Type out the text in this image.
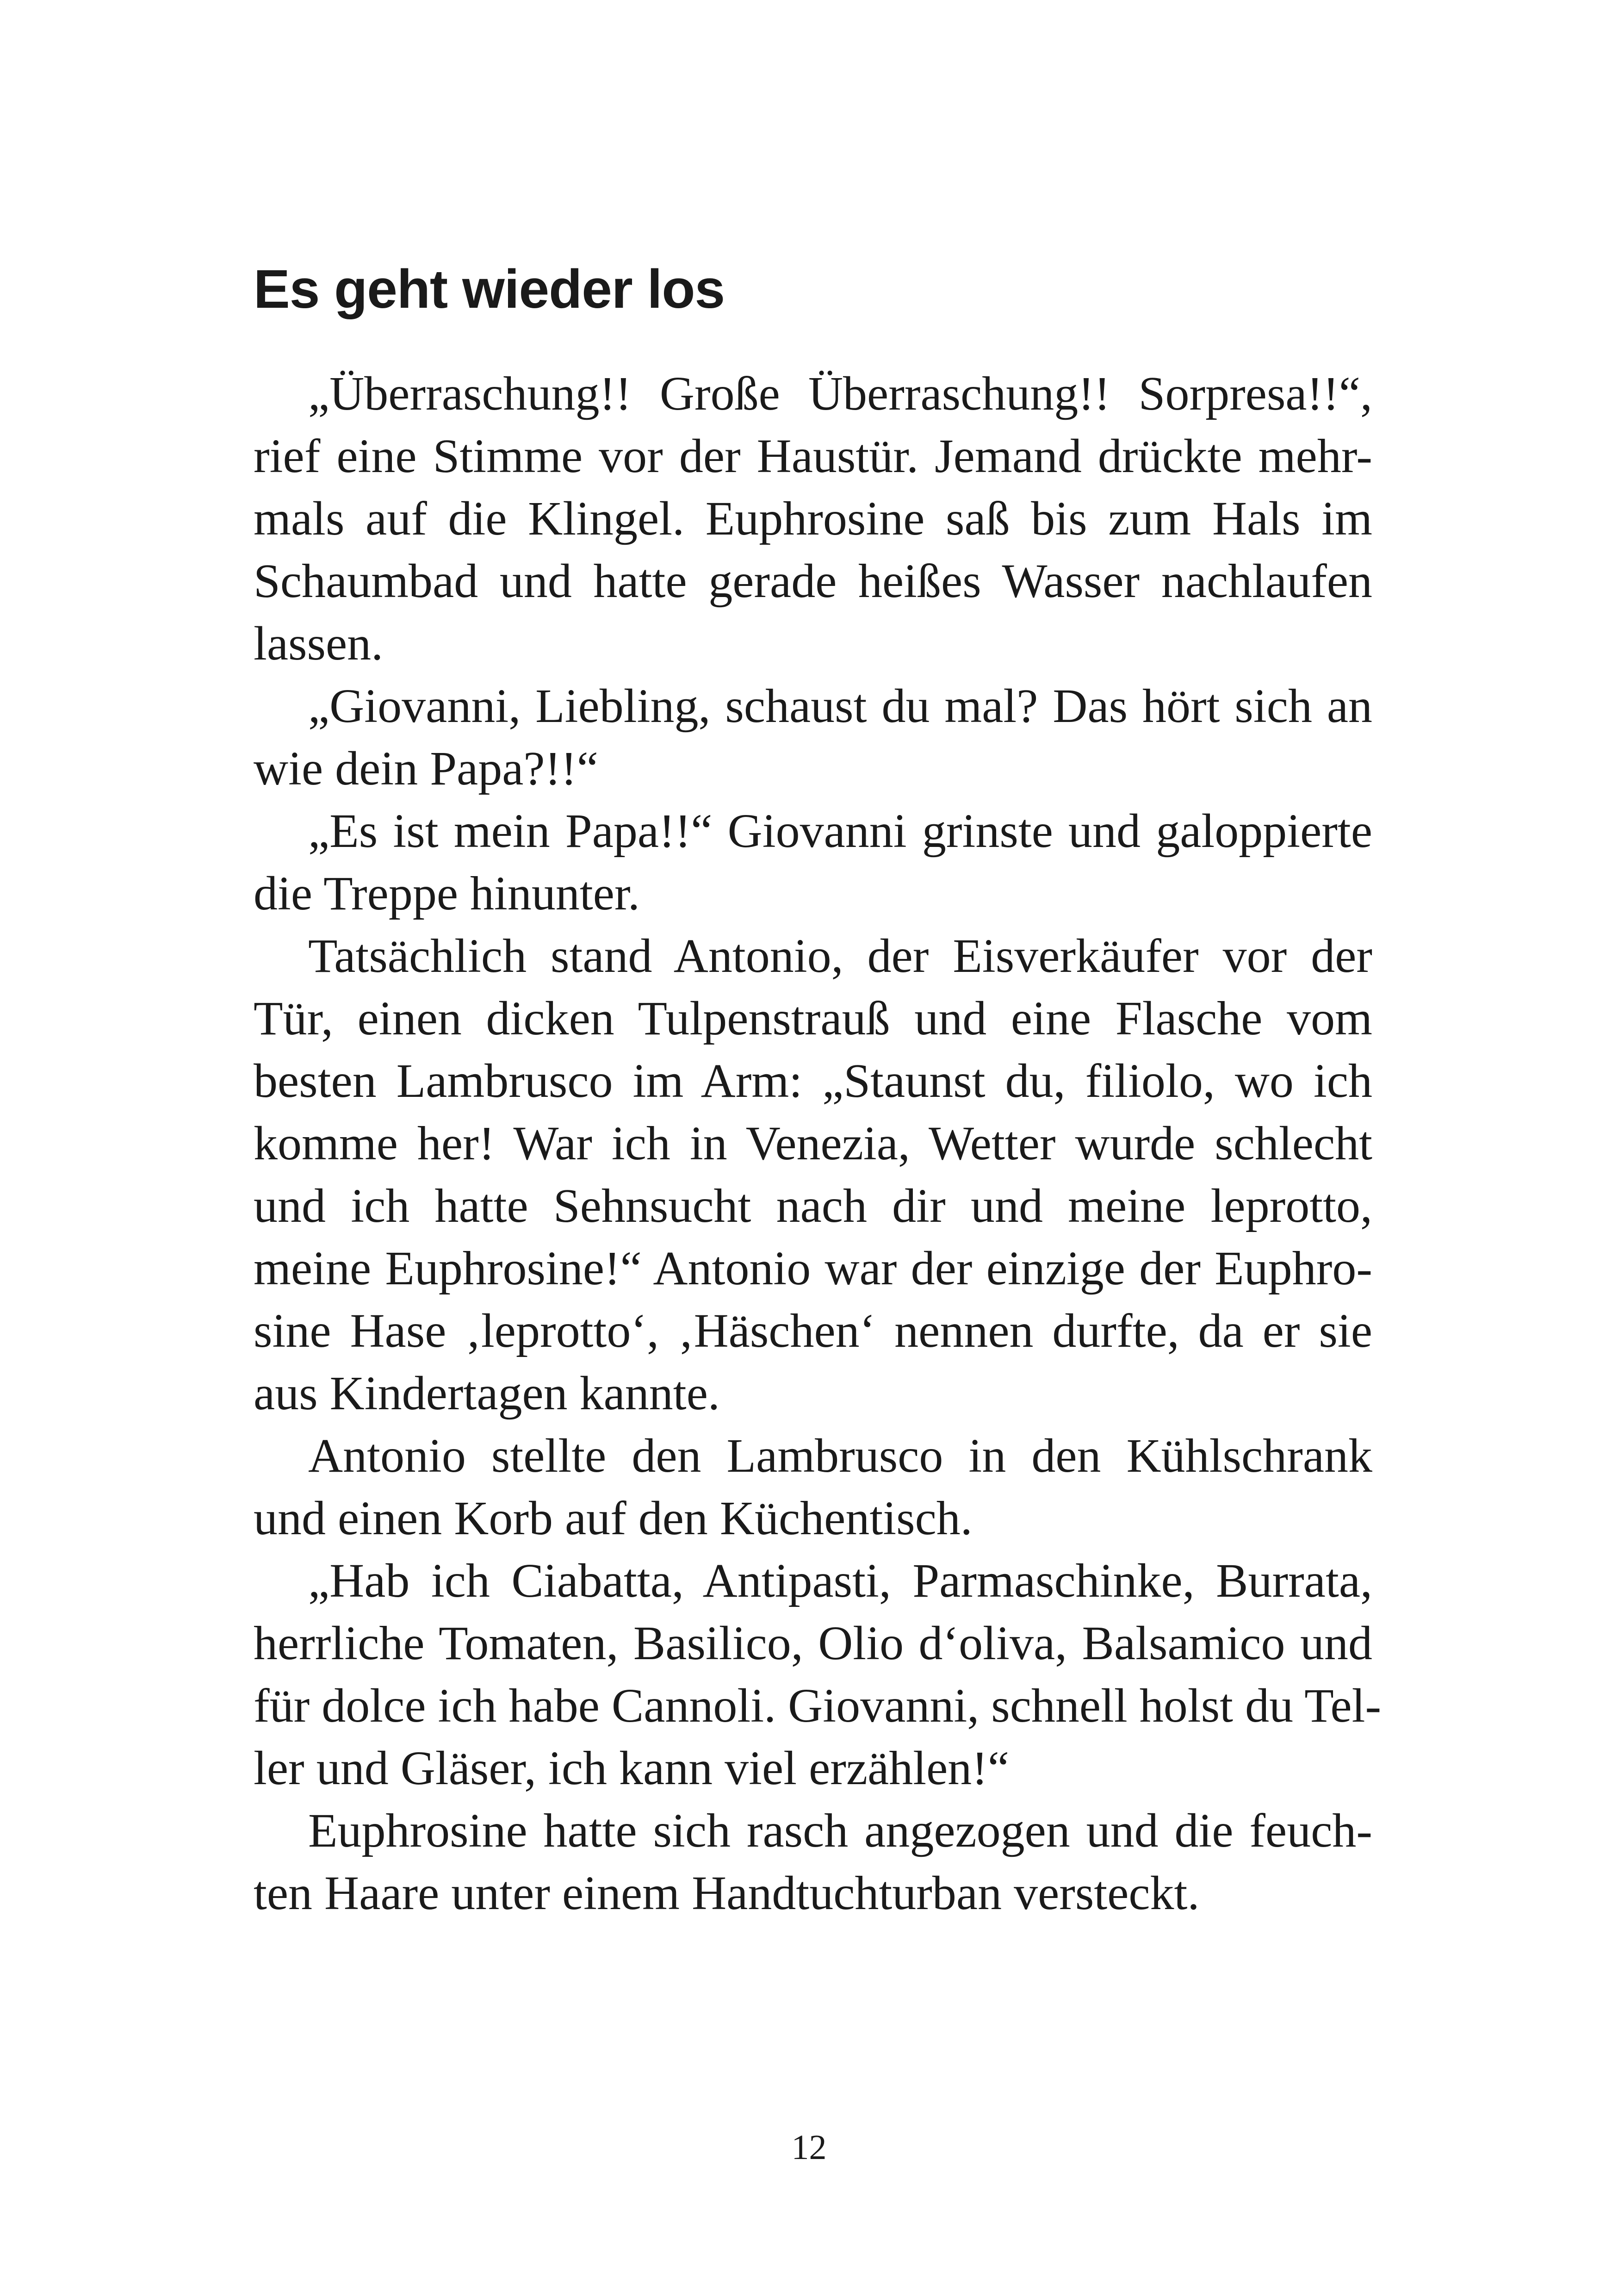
Es geht wieder los
„Überraschung!! Große Überraschung!! Sorpresa!!“,
rief eine Stimme vor der Haustür. Jemand drückte mehr-
mals auf die Klingel. Euphrosine saß bis zum Hals im
Schaumbad und hatte gerade heißes Wasser nachlaufen
lassen.
„Giovanni, Liebling, schaust du mal? Das hört sich an
wie dein Papa?!!“
„Es ist mein Papa!!“ Giovanni grinste und galoppierte
die Treppe hinunter.
Tatsächlich stand Antonio, der Eisverkäufer vor der
Tür, einen dicken Tulpenstrauß und eine Flasche vom
besten Lambrusco im Arm: „Staunst du, filiolo, wo ich
komme her! War ich in Venezia, Wetter wurde schlecht
und ich hatte Sehnsucht nach dir und meine leprotto,
meine Euphrosine!“ Antonio war der einzige der Euphro-
sine Hase ‚leprotto‘, ‚Häschen‘ nennen durfte, da er sie
aus Kindertagen kannte.
Antonio stellte den Lambrusco in den Kühlschrank
und einen Korb auf den Küchentisch.
„Hab ich Ciabatta, Antipasti, Parmaschinke, Burrata,
herrliche Tomaten, Basilico, Olio d‘oliva, Balsamico und
für dolce ich habe Cannoli. Giovanni, schnell holst du Tel-
ler und Gläser, ich kann viel erzählen!“
Euphrosine hatte sich rasch angezogen und die feuch-
ten Haare unter einem Handtuchturban versteckt.
12
